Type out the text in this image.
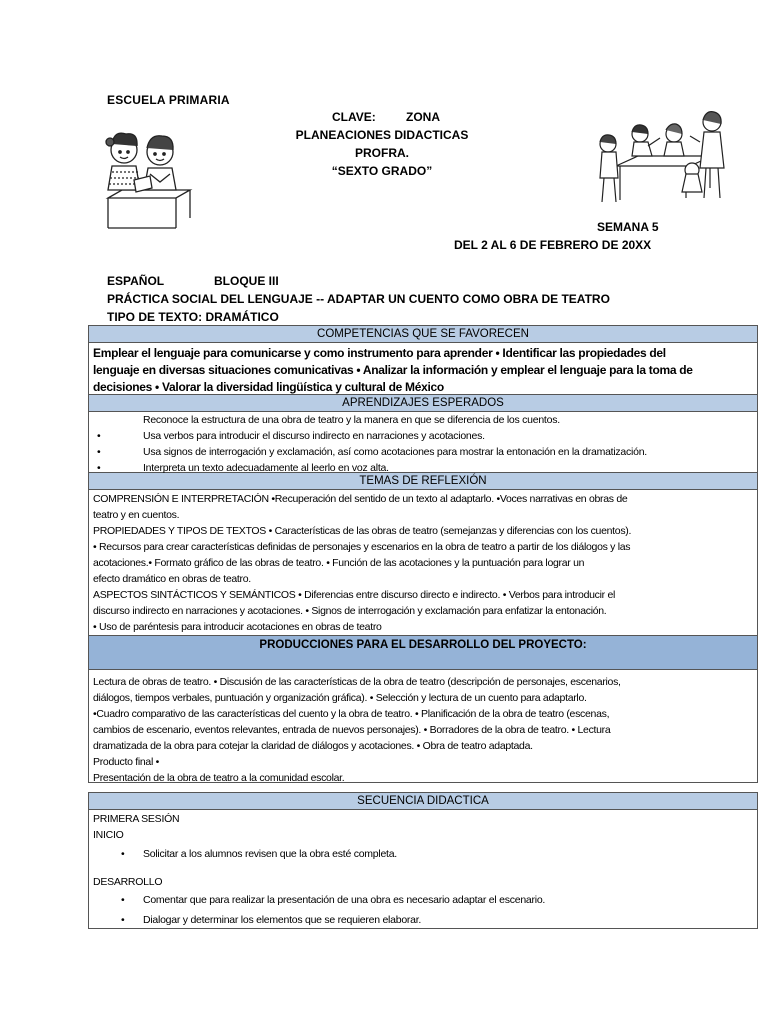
ESCUELA PRIMARIA
CLAVE:	ZONA
PLANEACIONES DIDACTICAS
PROFRA.
“SEXTO GRADO”
SEMANA 5
DEL 2 AL 6 DE FEBRERO DE 20XX
ESPAÑOL	BLOQUE III
PRÁCTICA SOCIAL DEL LENGUAJE -- ADAPTAR UN CUENTO COMO OBRA DE TEATRO
TIPO DE TEXTO: DRAMÁTICO
COMPETENCIAS QUE SE FAVORECEN
Emplear el lenguaje para comunicarse y como instrumento para aprender • Identificar las propiedades del
lenguaje en diversas situaciones comunicativas • Analizar la información y emplear el lenguaje para la toma de
decisiones • Valorar la diversidad lingüística y cultural de México
APRENDIZAJES ESPERADOS
Reconoce la estructura de una obra de teatro y la manera en que se diferencia de los cuentos.
•	Usa verbos para introducir el discurso indirecto en narraciones y acotaciones.
•	Usa signos de interrogación y exclamación, así como acotaciones para mostrar la entonación en la dramatización.
•	Interpreta un texto adecuadamente al leerlo en voz alta.
TEMAS DE REFLEXIÓN
COMPRENSIÓN E INTERPRETACIÓN •Recuperación del sentido de un texto al adaptarlo. •Voces narrativas en obras de
teatro y en cuentos.
PROPIEDADES Y TIPOS DE TEXTOS • Características de las obras de teatro (semejanzas y diferencias con los cuentos).
• Recursos para crear características definidas de personajes y escenarios en la obra de teatro a partir de los diálogos y las
acotaciones.• Formato gráfico de las obras de teatro. • Función de las acotaciones y la puntuación para lograr un
efecto dramático en obras de teatro.
ASPECTOS SINTÁCTICOS Y SEMÁNTICOS • Diferencias entre discurso directo e indirecto. • Verbos para introducir el
discurso indirecto en narraciones y acotaciones. • Signos de interrogación y exclamación para enfatizar la entonación.
• Uso de paréntesis para introducir acotaciones en obras de teatro
PRODUCCIONES PARA EL DESARROLLO DEL PROYECTO:
Lectura de obras de teatro. • Discusión de las características de la obra de teatro (descripción de personajes, escenarios,
diálogos, tiempos verbales, puntuación y organización gráfica). • Selección y lectura de un cuento para adaptarlo.
•Cuadro comparativo de las características del cuento y la obra de teatro. • Planificación de la obra de teatro (escenas,
cambios de escenario, eventos relevantes, entrada de nuevos personajes). • Borradores de la obra de teatro. • Lectura
dramatizada de la obra para cotejar la claridad de diálogos y acotaciones. • Obra de teatro adaptada.
Producto final •
Presentación de la obra de teatro a la comunidad escolar.
SECUENCIA DIDACTICA
PRIMERA SESIÓN
INICIO
• Solicitar a los alumnos revisen que la obra esté completa.
DESARROLLO
• Comentar que para realizar la presentación de una obra es necesario adaptar el escenario.
• Dialogar y determinar los elementos que se requieren elaborar.
